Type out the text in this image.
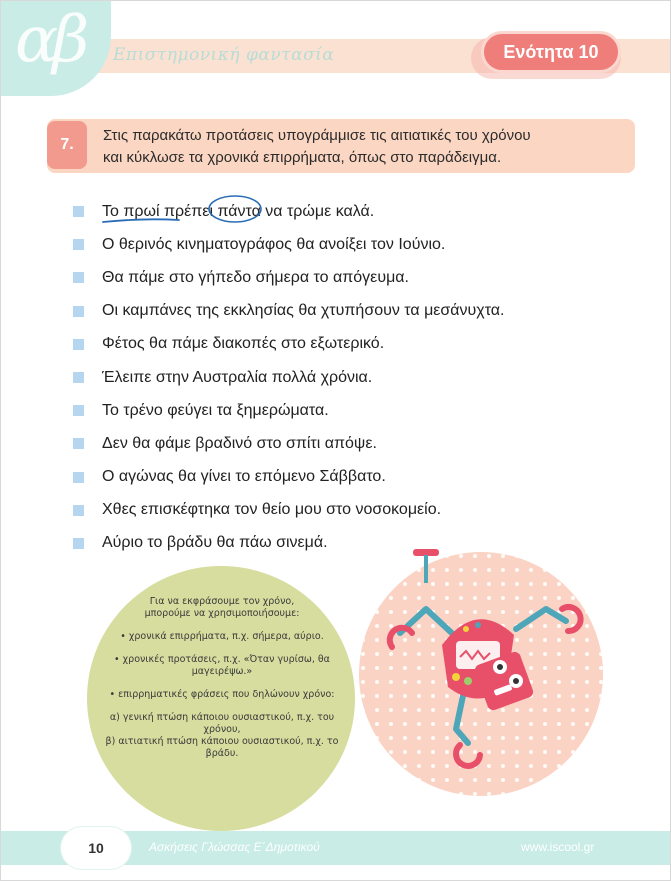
αβ Επιστημονική φαντασία	Ενότητα 10
7.
Στις παρακάτω προτάσεις υπογράμμισε τις αιτιατικές του χρόνου
και κύκλωσε τα χρονικά επιρρήματα, όπως στο παράδειγμα.
Το πρωί πρέπει πάντα να τρώμε καλά.
Ο θερινός κινηματογράφος θα ανοίξει τον Ιούνιο.
Θα πάμε στο γήπεδο σήμερα το απόγευμα.
Οι καμπάνες της εκκλησίας θα χτυπήσουν τα μεσάνυχτα.
Φέτος θα πάμε διακοπές στο εξωτερικό.
Έλειπε στην Αυστραλία πολλά χρόνια.
Το τρένο φεύγει τα ξημερώματα.
Δεν θα φάμε βραδινό στο σπίτι απόψε.
Ο αγώνας θα γίνει το επόμενο Σάββατο.
Χθες επισκέφτηκα τον θείο μου στο νοσοκομείο.
Αύριο το βράδυ θα πάω σινεμά.

Για να εκφράσουμε τον χρόνο,
μπορούμε να χρησιμοποιήσουμε:

• χρονικά επιρρήματα, π.χ. σήμερα, αύριο.

• χρονικές προτάσεις, π.χ. «Όταν γυρίσω, θα μαγειρέψω.»

• επιρρηματικές φράσεις που δηλώνουν χρόνο:

α) γενική πτώση κάποιου ουσιαστικού, π.χ. του χρόνου,

β) αιτιατική πτώση κάποιου ουσιαστικού, π.χ. το βράδυ.

10	Ασκήσεις Γλώσσας Ε΄Δημοτικού	www.iscool.gr
